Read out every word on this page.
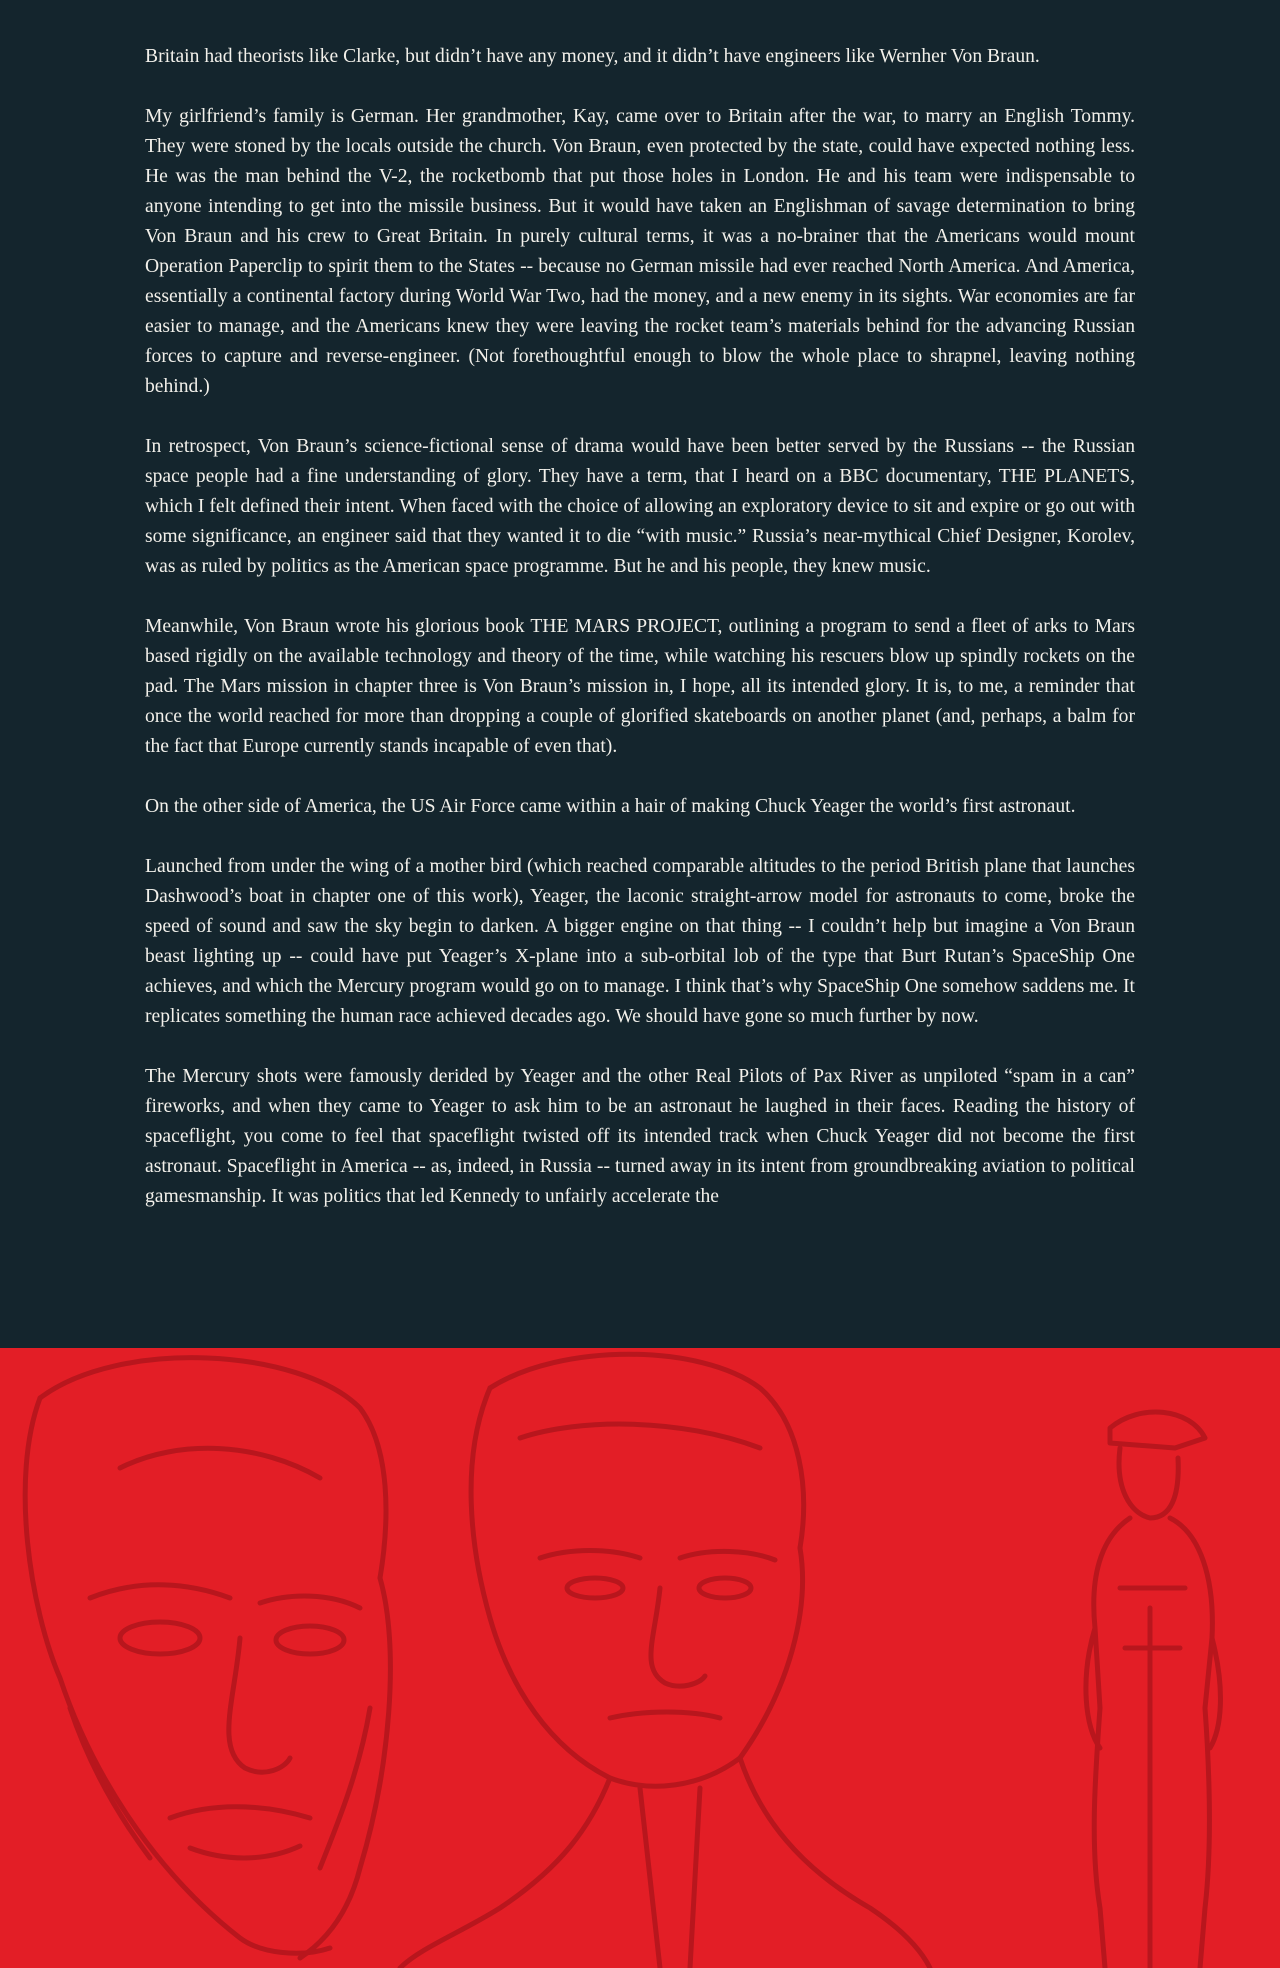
Britain had theorists like Clarke, but didn’t have any money, and it didn’t have engineers like Wernher Von Braun.

My girlfriend’s family is German. Her grandmother, Kay, came over to Britain after the war, to marry an English Tommy. They were stoned by the locals outside the church. Von Braun, even protected by the state, could have expected nothing less. He was the man behind the V-2, the rocketbomb that put those holes in London. He and his team were indispensable to anyone intending to get into the missile business. But it would have taken an Englishman of savage determination to bring Von Braun and his crew to Great Britain. In purely cultural terms, it was a no-brainer that the Americans would mount Operation Paperclip to spirit them to the States -- because no German missile had ever reached North America. And America, essentially a continental factory during World War Two, had the money, and a new enemy in its sights. War economies are far easier to manage, and the Americans knew they were leaving the rocket team’s materials behind for the advancing Russian forces to capture and reverse-engineer. (Not forethoughtful enough to blow the whole place to shrapnel, leaving nothing behind.)

In retrospect, Von Braun’s science-fictional sense of drama would have been better served by the Russians -- the Russian space people had a fine understanding of glory. They have a term, that I heard on a BBC documentary, THE PLANETS, which I felt defined their intent. When faced with the choice of allowing an exploratory device to sit and expire or go out with some significance, an engineer said that they wanted it to die “with music.” Russia’s near-mythical Chief Designer, Korolev, was as ruled by politics as the American space programme. But he and his people, they knew music.

Meanwhile, Von Braun wrote his glorious book THE MARS PROJECT, outlining a program to send a fleet of arks to Mars based rigidly on the available technology and theory of the time, while watching his rescuers blow up spindly rockets on the pad. The Mars mission in chapter three is Von Braun’s mission in, I hope, all its intended glory. It is, to me, a reminder that once the world reached for more than dropping a couple of glorified skateboards on another planet (and, perhaps, a balm for the fact that Europe currently stands incapable of even that).

On the other side of America, the US Air Force came within a hair of making Chuck Yeager the world’s first astronaut.

Launched from under the wing of a mother bird (which reached comparable altitudes to the period British plane that launches Dashwood’s boat in chapter one of this work), Yeager, the laconic straight-arrow model for astronauts to come, broke the speed of sound and saw the sky begin to darken. A bigger engine on that thing -- I couldn’t help but imagine a Von Braun beast lighting up -- could have put Yeager’s X-plane into a sub-orbital lob of the type that Burt Rutan’s SpaceShip One achieves, and which the Mercury program would go on to manage. I think that’s why SpaceShip One somehow saddens me. It replicates something the human race achieved decades ago. We should have gone so much further by now.

The Mercury shots were famously derided by Yeager and the other Real Pilots of Pax River as unpiloted “spam in a can” fireworks, and when they came to Yeager to ask him to be an astronaut he laughed in their faces. Reading the history of spaceflight, you come to feel that spaceflight twisted off its intended track when Chuck Yeager did not become the first astronaut. Spaceflight in America -- as, indeed, in Russia -- turned away in its intent from groundbreaking aviation to political gamesmanship. It was politics that led Kennedy to unfairly accelerate the
